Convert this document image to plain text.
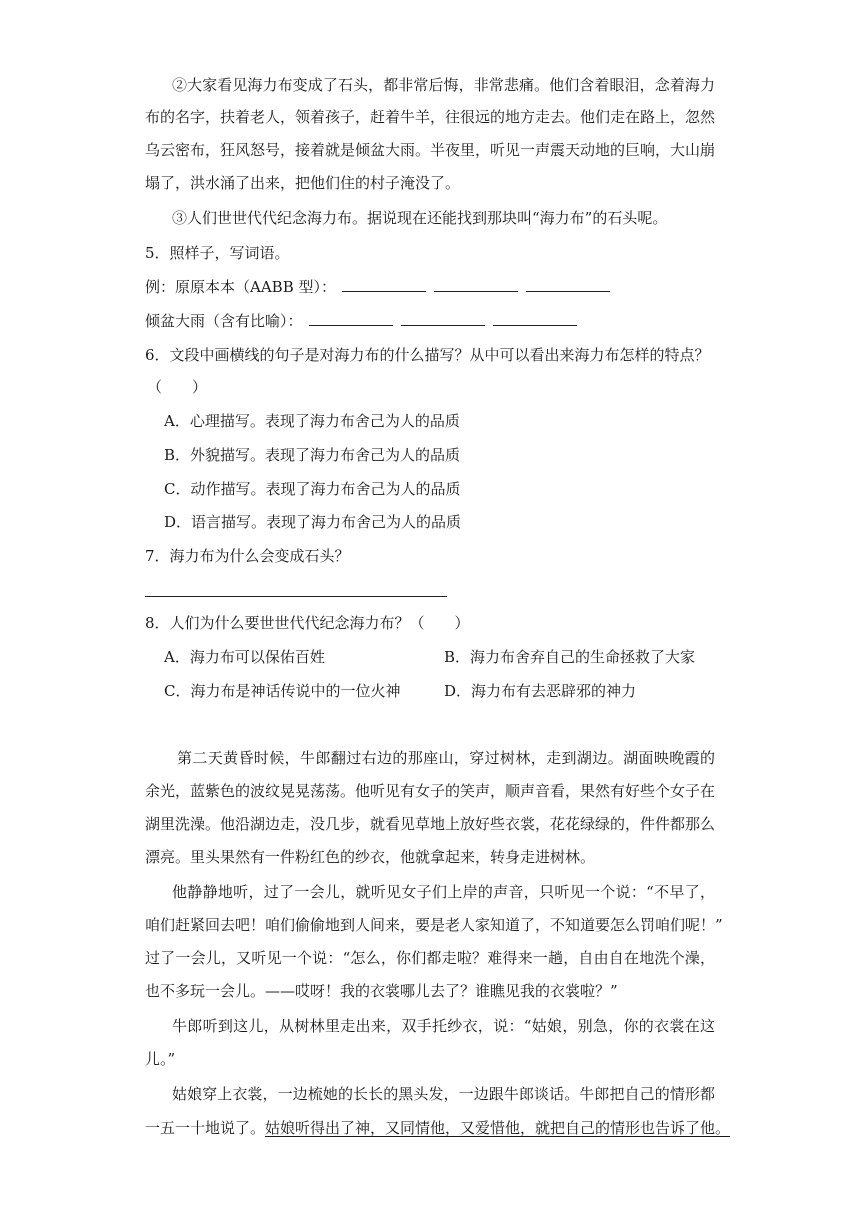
②大家看见海力布变成了石头，都非常后悔，非常悲痛。他们含着眼泪，念着海力
布的名字，扶着老人，领着孩子，赶着牛羊，往很远的地方走去。他们走在路上，忽然
乌云密布，狂风怒号，接着就是倾盆大雨。半夜里，听见一声震天动地的巨响，大山崩
塌了，洪水涌了出来，把他们住的村子淹没了。
③人们世世代代纪念海力布。据说现在还能找到那块叫“海力布”的石头呢。
5．照样子，写词语。
例：原原本本（AABB 型）：
倾盆大雨（含有比喻）：
6．文段中画横线的句子是对海力布的什么描写？从中可以看出来海力布怎样的特点？
（　　）
A．心理描写。表现了海力布舍己为人的品质
B．外貌描写。表现了海力布舍己为人的品质
C．动作描写。表现了海力布舍己为人的品质
D．语言描写。表现了海力布舍己为人的品质
7．海力布为什么会变成石头？
8．人们为什么要世世代代纪念海力布？（　　）
A．海力布可以保佑百姓	B．海力布舍弃自己的生命拯救了大家
C．海力布是神话传说中的一位火神	D．海力布有去恶辟邪的神力
第二天黄昏时候，牛郎翻过右边的那座山，穿过树林，走到湖边。湖面映晚霞的
余光，蓝紫色的波纹晃晃荡荡。他听见有女子的笑声，顺声音看，果然有好些个女子在
湖里洗澡。他沿湖边走，没几步，就看见草地上放好些衣裳，花花绿绿的，件件都那么
漂亮。里头果然有一件粉红色的纱衣，他就拿起来，转身走进树林。
他静静地听，过了一会儿，就听见女子们上岸的声音，只听见一个说：“不早了，
咱们赶紧回去吧！咱们偷偷地到人间来，要是老人家知道了，不知道要怎么罚咱们呢！”
过了一会儿，又听见一个说：“怎么，你们都走啦？难得来一趟，自由自在地洗个澡，
也不多玩一会儿。——哎呀！我的衣裳哪儿去了？谁瞧见我的衣裳啦？”
牛郎听到这儿，从树林里走出来，双手托纱衣，说：“姑娘，别急，你的衣裳在这
儿。”
姑娘穿上衣裳，一边梳她的长长的黑头发，一边跟牛郎谈话。牛郎把自己的情形都
一五一十地说了。姑娘听得出了神，又同情他，又爱惜他，就把自己的情形也告诉了他。
